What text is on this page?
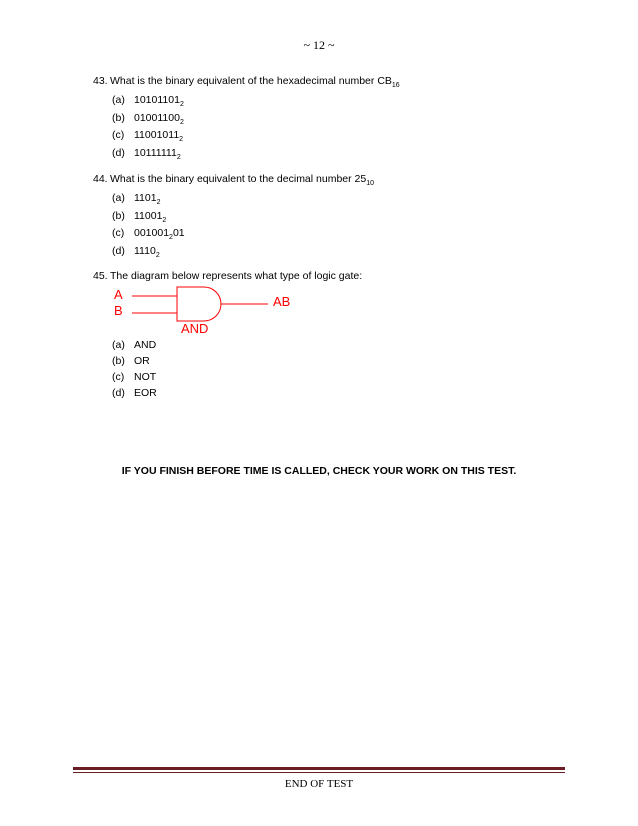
~ 12 ~
43. What is the binary equivalent of the hexadecimal number $CB_{16}$
(a) $10101101_2$
(b) $01001100_2$
(c) $11001011_2$
(d) $10111111_2$
44. What is the binary equivalent to the decimal number $25_{10}$
(a) $1101_2$
(b) $11001_2$
(c) $001001_201$
(d) $1110_2$
45. The diagram below represents what type of logic gate:
A
B
AB
AND
(a) AND
(b) OR
(c) NOT
(d) EOR
IF YOU FINISH BEFORE TIME IS CALLED, CHECK YOUR WORK ON THIS TEST.
END OF TEST
